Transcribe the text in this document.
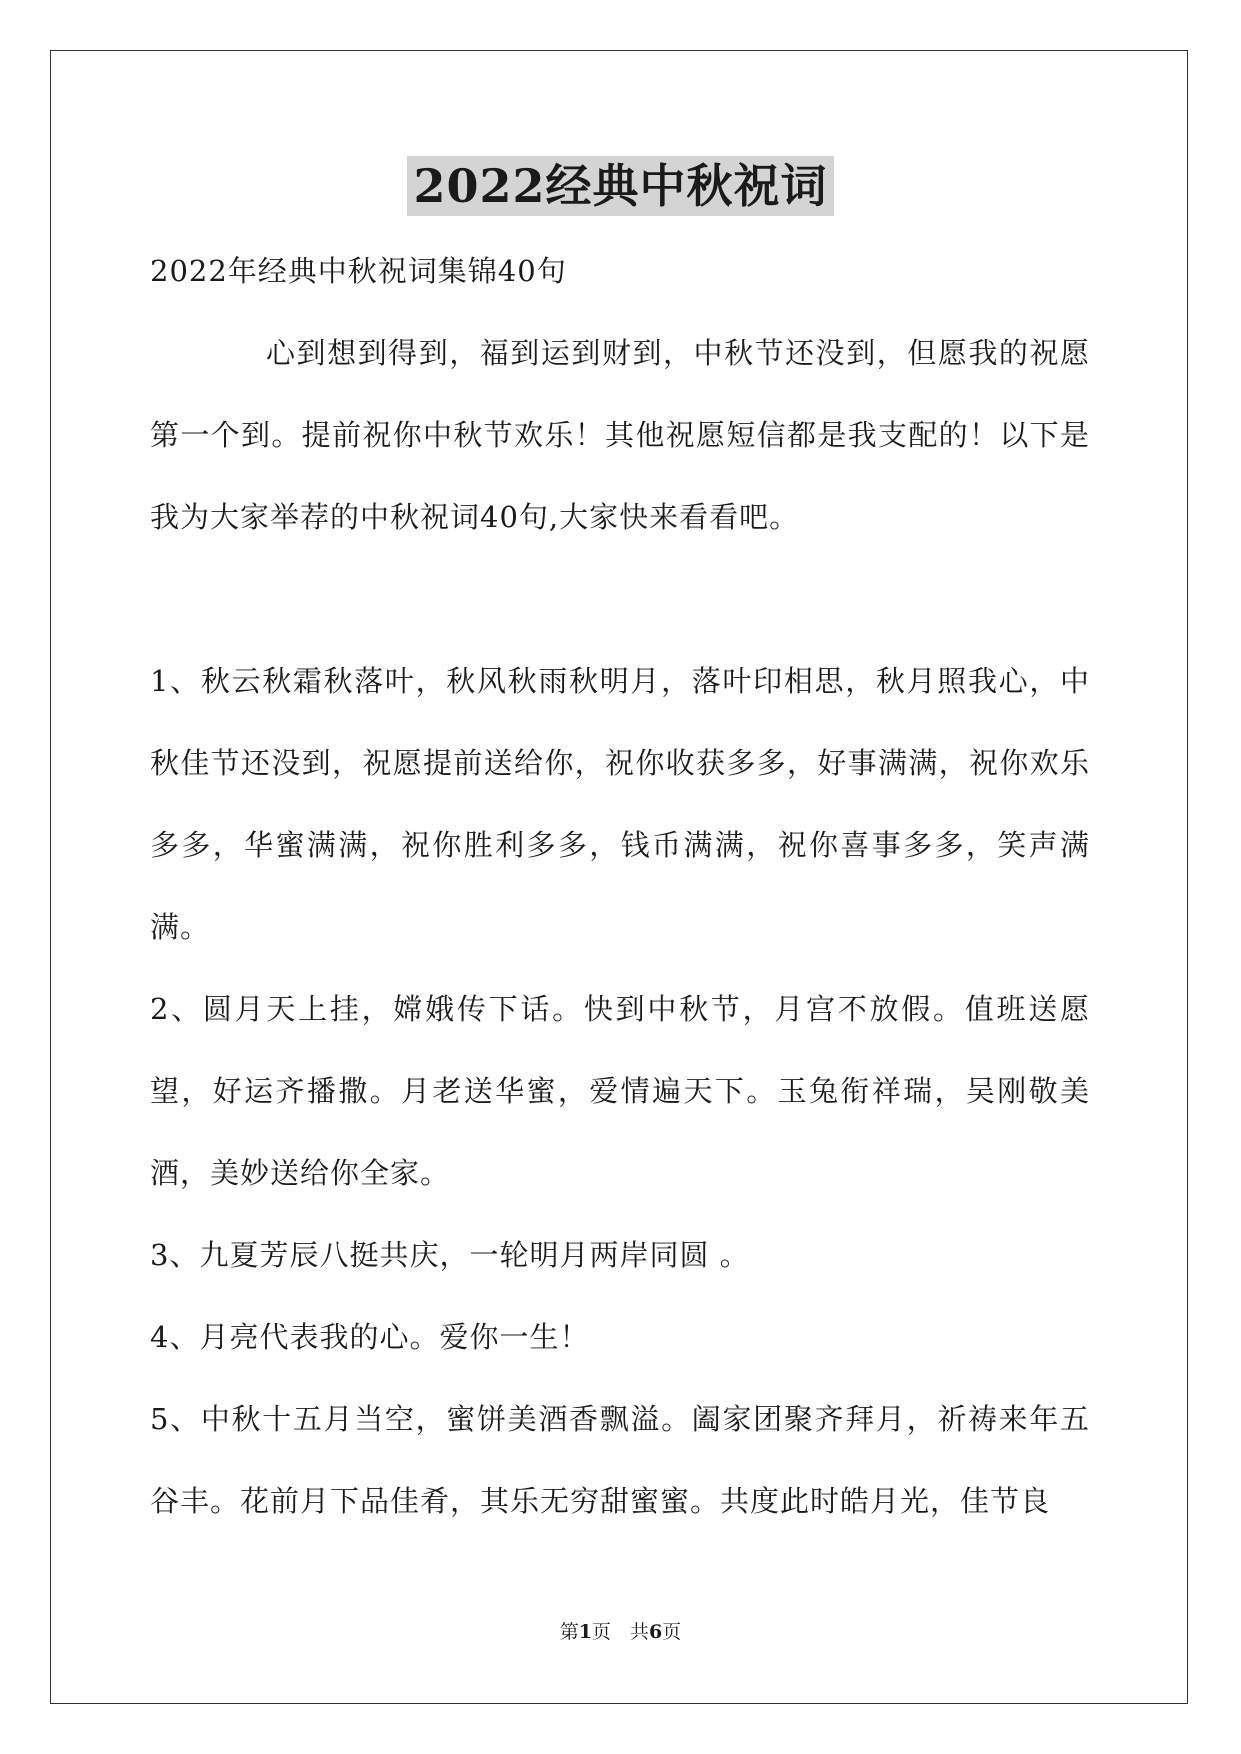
2022经典中秋祝词

2022年经典中秋祝词集锦40句

心到想到得到，福到运到财到，中秋节还没到，但愿我的祝愿第一个到。提前祝你中秋节欢乐！其他祝愿短信都是我支配的！以下是我为大家举荐的中秋祝词40句,大家快来看看吧。

1、秋云秋霜秋落叶，秋风秋雨秋明月，落叶印相思，秋月照我心，中秋佳节还没到，祝愿提前送给你，祝你收获多多，好事满满，祝你欢乐多多，华蜜满满，祝你胜利多多，钱币满满，祝你喜事多多，笑声满满。

2、圆月天上挂，嫦娥传下话。快到中秋节，月宫不放假。值班送愿望，好运齐播撒。月老送华蜜，爱情遍天下。玉兔衔祥瑞，吴刚敬美酒，美妙送给你全家。

3、九夏芳辰八挺共庆，一轮明月两岸同圆 。

4、月亮代表我的心。爱你一生！

5、中秋十五月当空，蜜饼美酒香飘溢。阖家团聚齐拜月，祈祷来年五谷丰。花前月下品佳肴，其乐无穷甜蜜蜜。共度此时皓月光，佳节良

第1页　共6页
